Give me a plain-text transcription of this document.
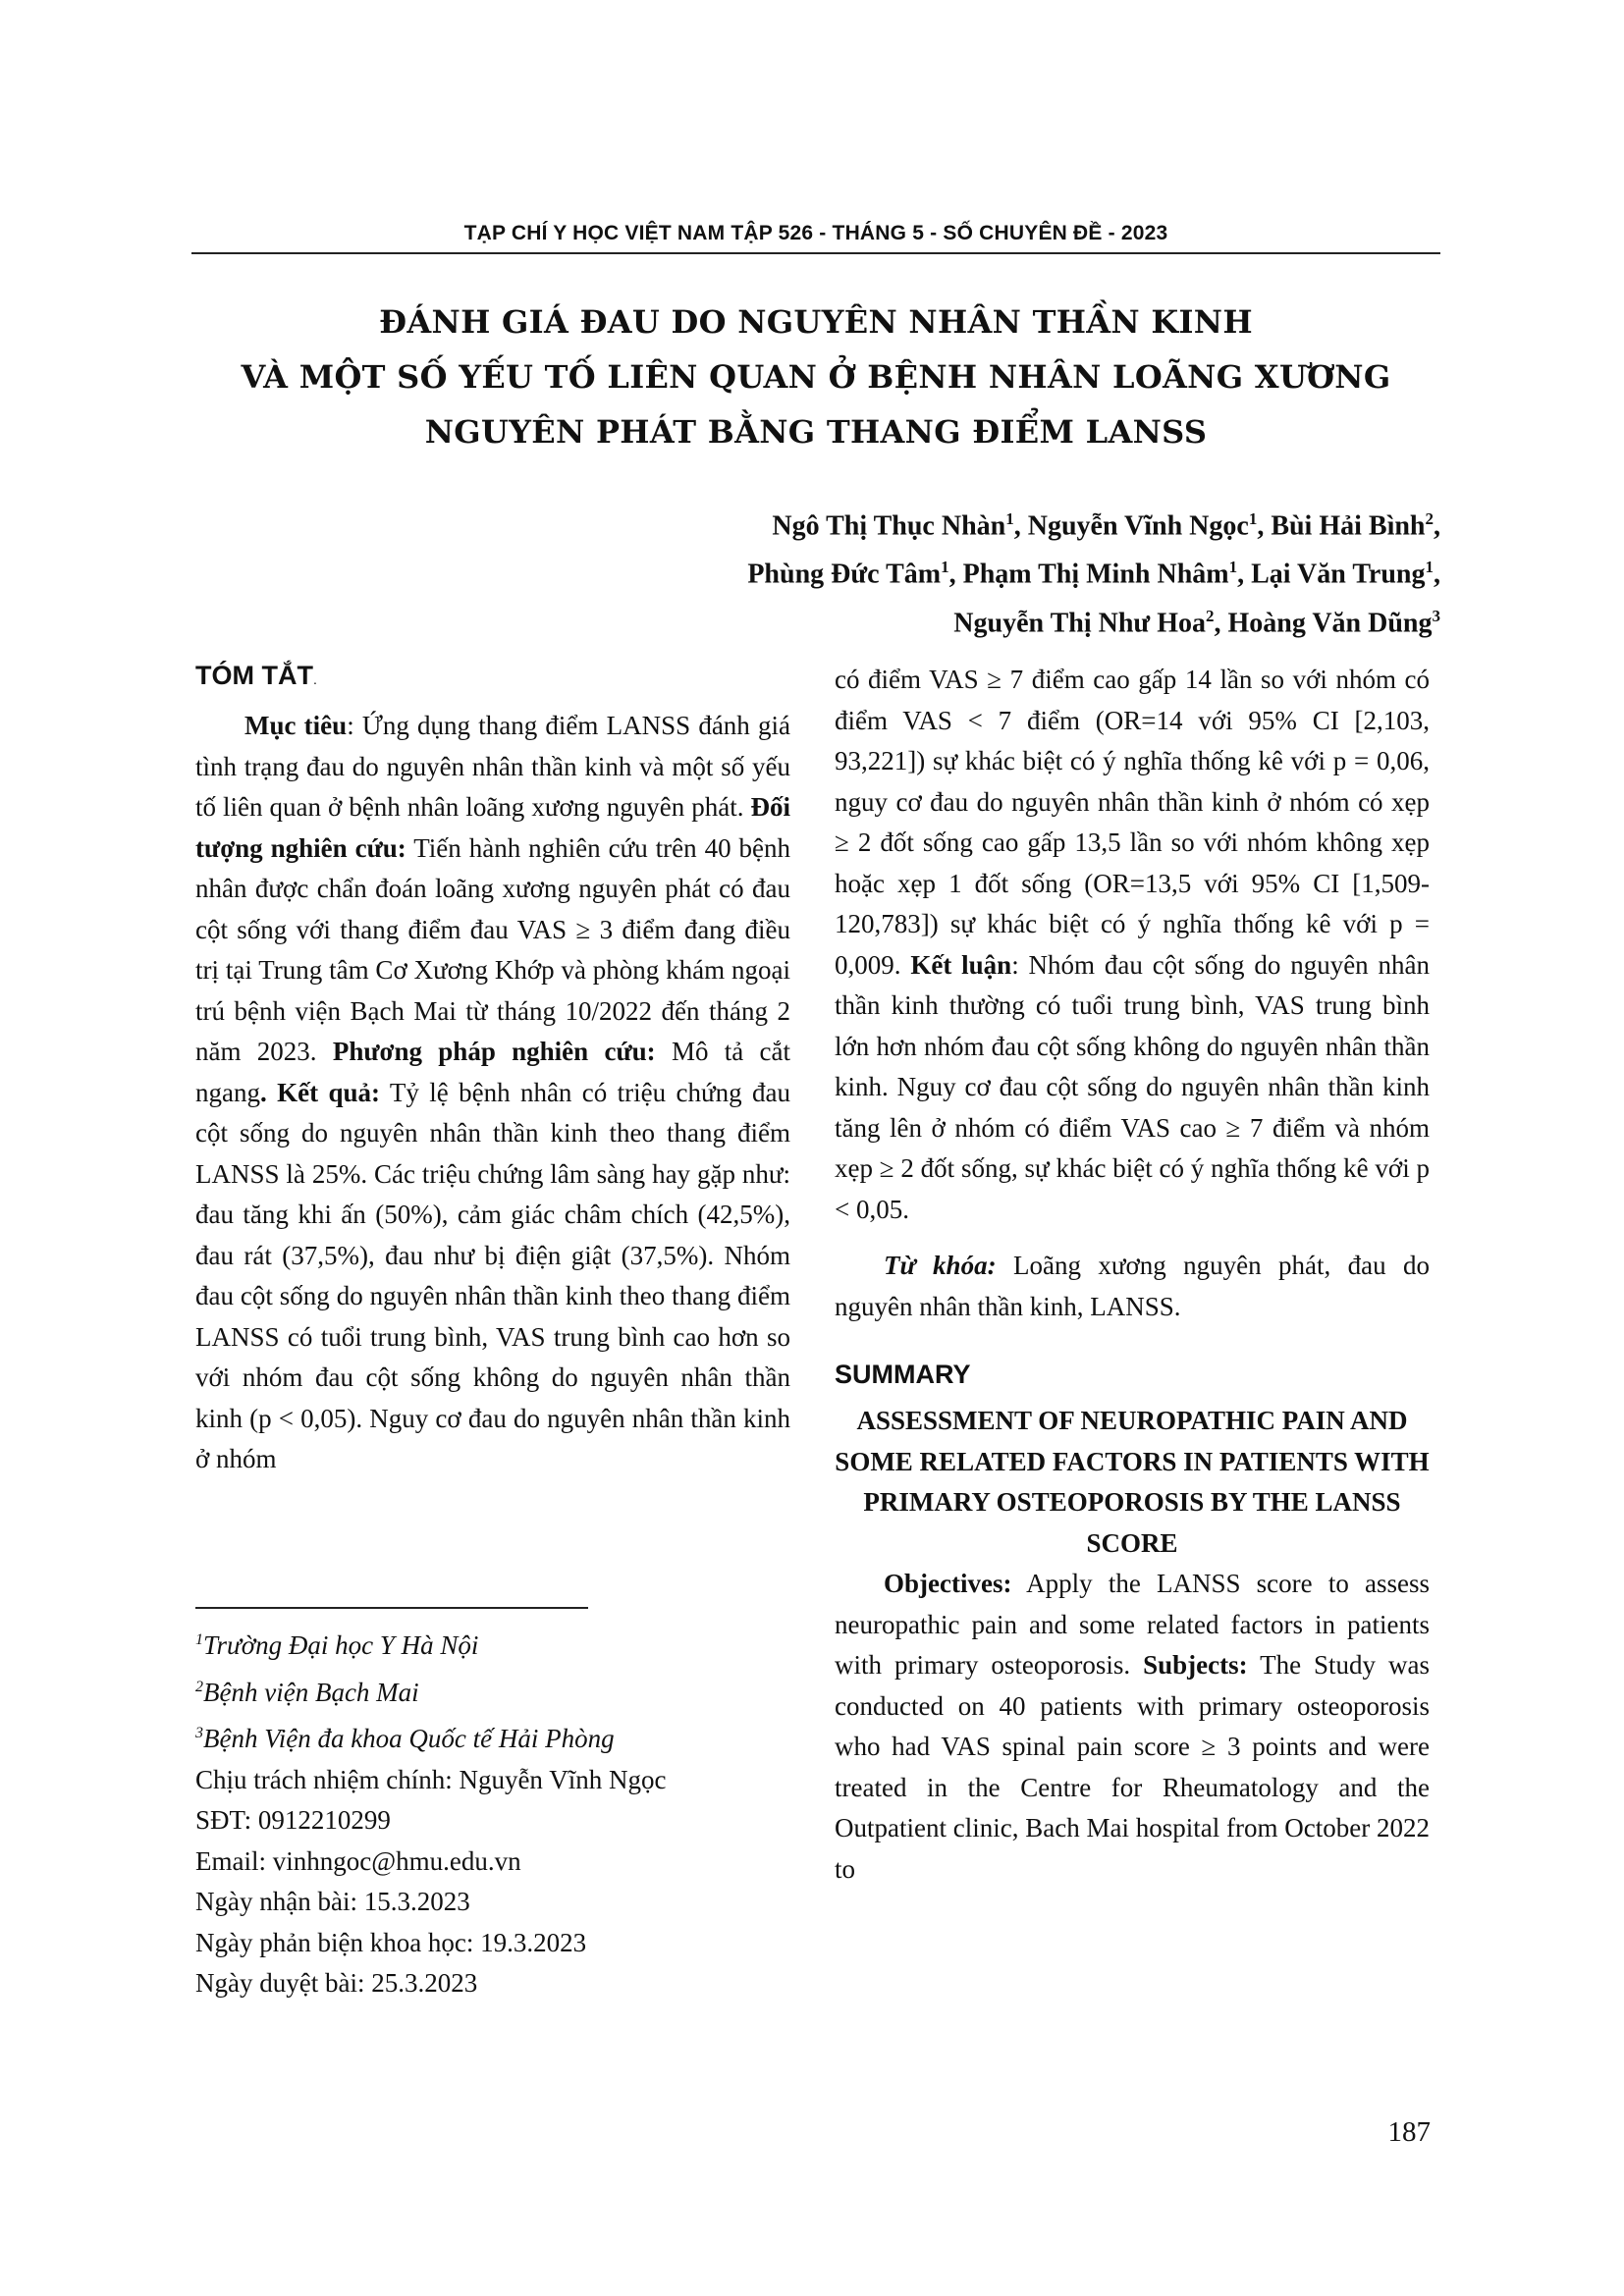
TẠP CHÍ Y HỌC VIỆT NAM TẬP 526 - THÁNG 5 - SỐ CHUYÊN ĐỀ - 2023
ĐÁNH GIÁ ĐAU DO NGUYÊN NHÂN THẦN KINH
VÀ MỘT SỐ YẾU TỐ LIÊN QUAN Ở BỆNH NHÂN LOÃNG XƯƠNG
NGUYÊN PHÁT BẰNG THANG ĐIỂM LANSS
Ngô Thị Thục Nhàn$^1$, Nguyễn Vĩnh Ngọc$^1$, Bùi Hải Bình$^2$,
Phùng Đức Tâm$^1$, Phạm Thị Minh Nhâm$^1$, Lại Văn Trung$^1$,
Nguyễn Thị Như Hoa$^2$, Hoàng Văn Dũng$^3$
TÓM TẮT.

Mục tiêu: Ứng dụng thang điểm LANSS đánh giá tình trạng đau do nguyên nhân thần kinh và một số yếu tố liên quan ở bệnh nhân loãng xương nguyên phát. Đối tượng nghiên cứu: Tiến hành nghiên cứu trên 40 bệnh nhân được chẩn đoán loãng xương nguyên phát có đau cột sống với thang điểm đau VAS ≥ 3 điểm đang điều trị tại Trung tâm Cơ Xương Khớp và phòng khám ngoại trú bệnh viện Bạch Mai từ tháng 10/2022 đến tháng 2 năm 2023. Phương pháp nghiên cứu: Mô tả cắt ngang. Kết quả: Tỷ lệ bệnh nhân có triệu chứng đau cột sống do nguyên nhân thần kinh theo thang điểm LANSS là 25%. Các triệu chứng lâm sàng hay gặp như: đau tăng khi ấn (50%), cảm giác châm chích (42,5%), đau rát (37,5%), đau như bị điện giật (37,5%). Nhóm đau cột sống do nguyên nhân thần kinh theo thang điểm LANSS có tuổi trung bình, VAS trung bình cao hơn so với nhóm đau cột sống không do nguyên nhân thần kinh (p < 0,05). Nguy cơ đau do nguyên nhân thần kinh ở nhóm

$^1$Trường Đại học Y Hà Nội
$^2$Bệnh viện Bạch Mai
$^3$Bệnh Viện đa khoa Quốc tế Hải Phòng
Chịu trách nhiệm chính: Nguyễn Vĩnh Ngọc
SĐT: 0912210299
Email: vinhngoc@hmu.edu.vn
Ngày nhận bài: 15.3.2023
Ngày phản biện khoa học: 19.3.2023
Ngày duyệt bài: 25.3.2023

có điểm VAS ≥ 7 điểm cao gấp 14 lần so với nhóm có điểm VAS < 7 điểm (OR=14 với 95% CI [2,103, 93,221]) sự khác biệt có ý nghĩa thống kê với p = 0,06, nguy cơ đau do nguyên nhân thần kinh ở nhóm có xẹp ≥ 2 đốt sống cao gấp 13,5 lần so với nhóm không xẹp hoặc xẹp 1 đốt sống (OR=13,5 với 95% CI [1,509-120,783]) sự khác biệt có ý nghĩa thống kê với p = 0,009. Kết luận: Nhóm đau cột sống do nguyên nhân thần kinh thường có tuổi trung bình, VAS trung bình lớn hơn nhóm đau cột sống không do nguyên nhân thần kinh. Nguy cơ đau cột sống do nguyên nhân thần kinh tăng lên ở nhóm có điểm VAS cao ≥ 7 điểm và nhóm xẹp ≥ 2 đốt sống, sự khác biệt có ý nghĩa thống kê với p < 0,05.

Từ khóa: Loãng xương nguyên phát, đau do nguyên nhân thần kinh, LANSS.

SUMMARY

ASSESSMENT OF NEUROPATHIC PAIN AND SOME RELATED FACTORS IN PATIENTS WITH PRIMARY OSTEOPOROSIS BY THE LANSS SCORE

Objectives: Apply the LANSS score to assess neuropathic pain and some related factors in patients with primary osteoporosis. Subjects: The Study was conducted on 40 patients with primary osteoporosis who had VAS spinal pain score ≥ 3 points and were treated in the Centre for Rheumatology and the Outpatient clinic, Bach Mai hospital from October 2022 to

187
